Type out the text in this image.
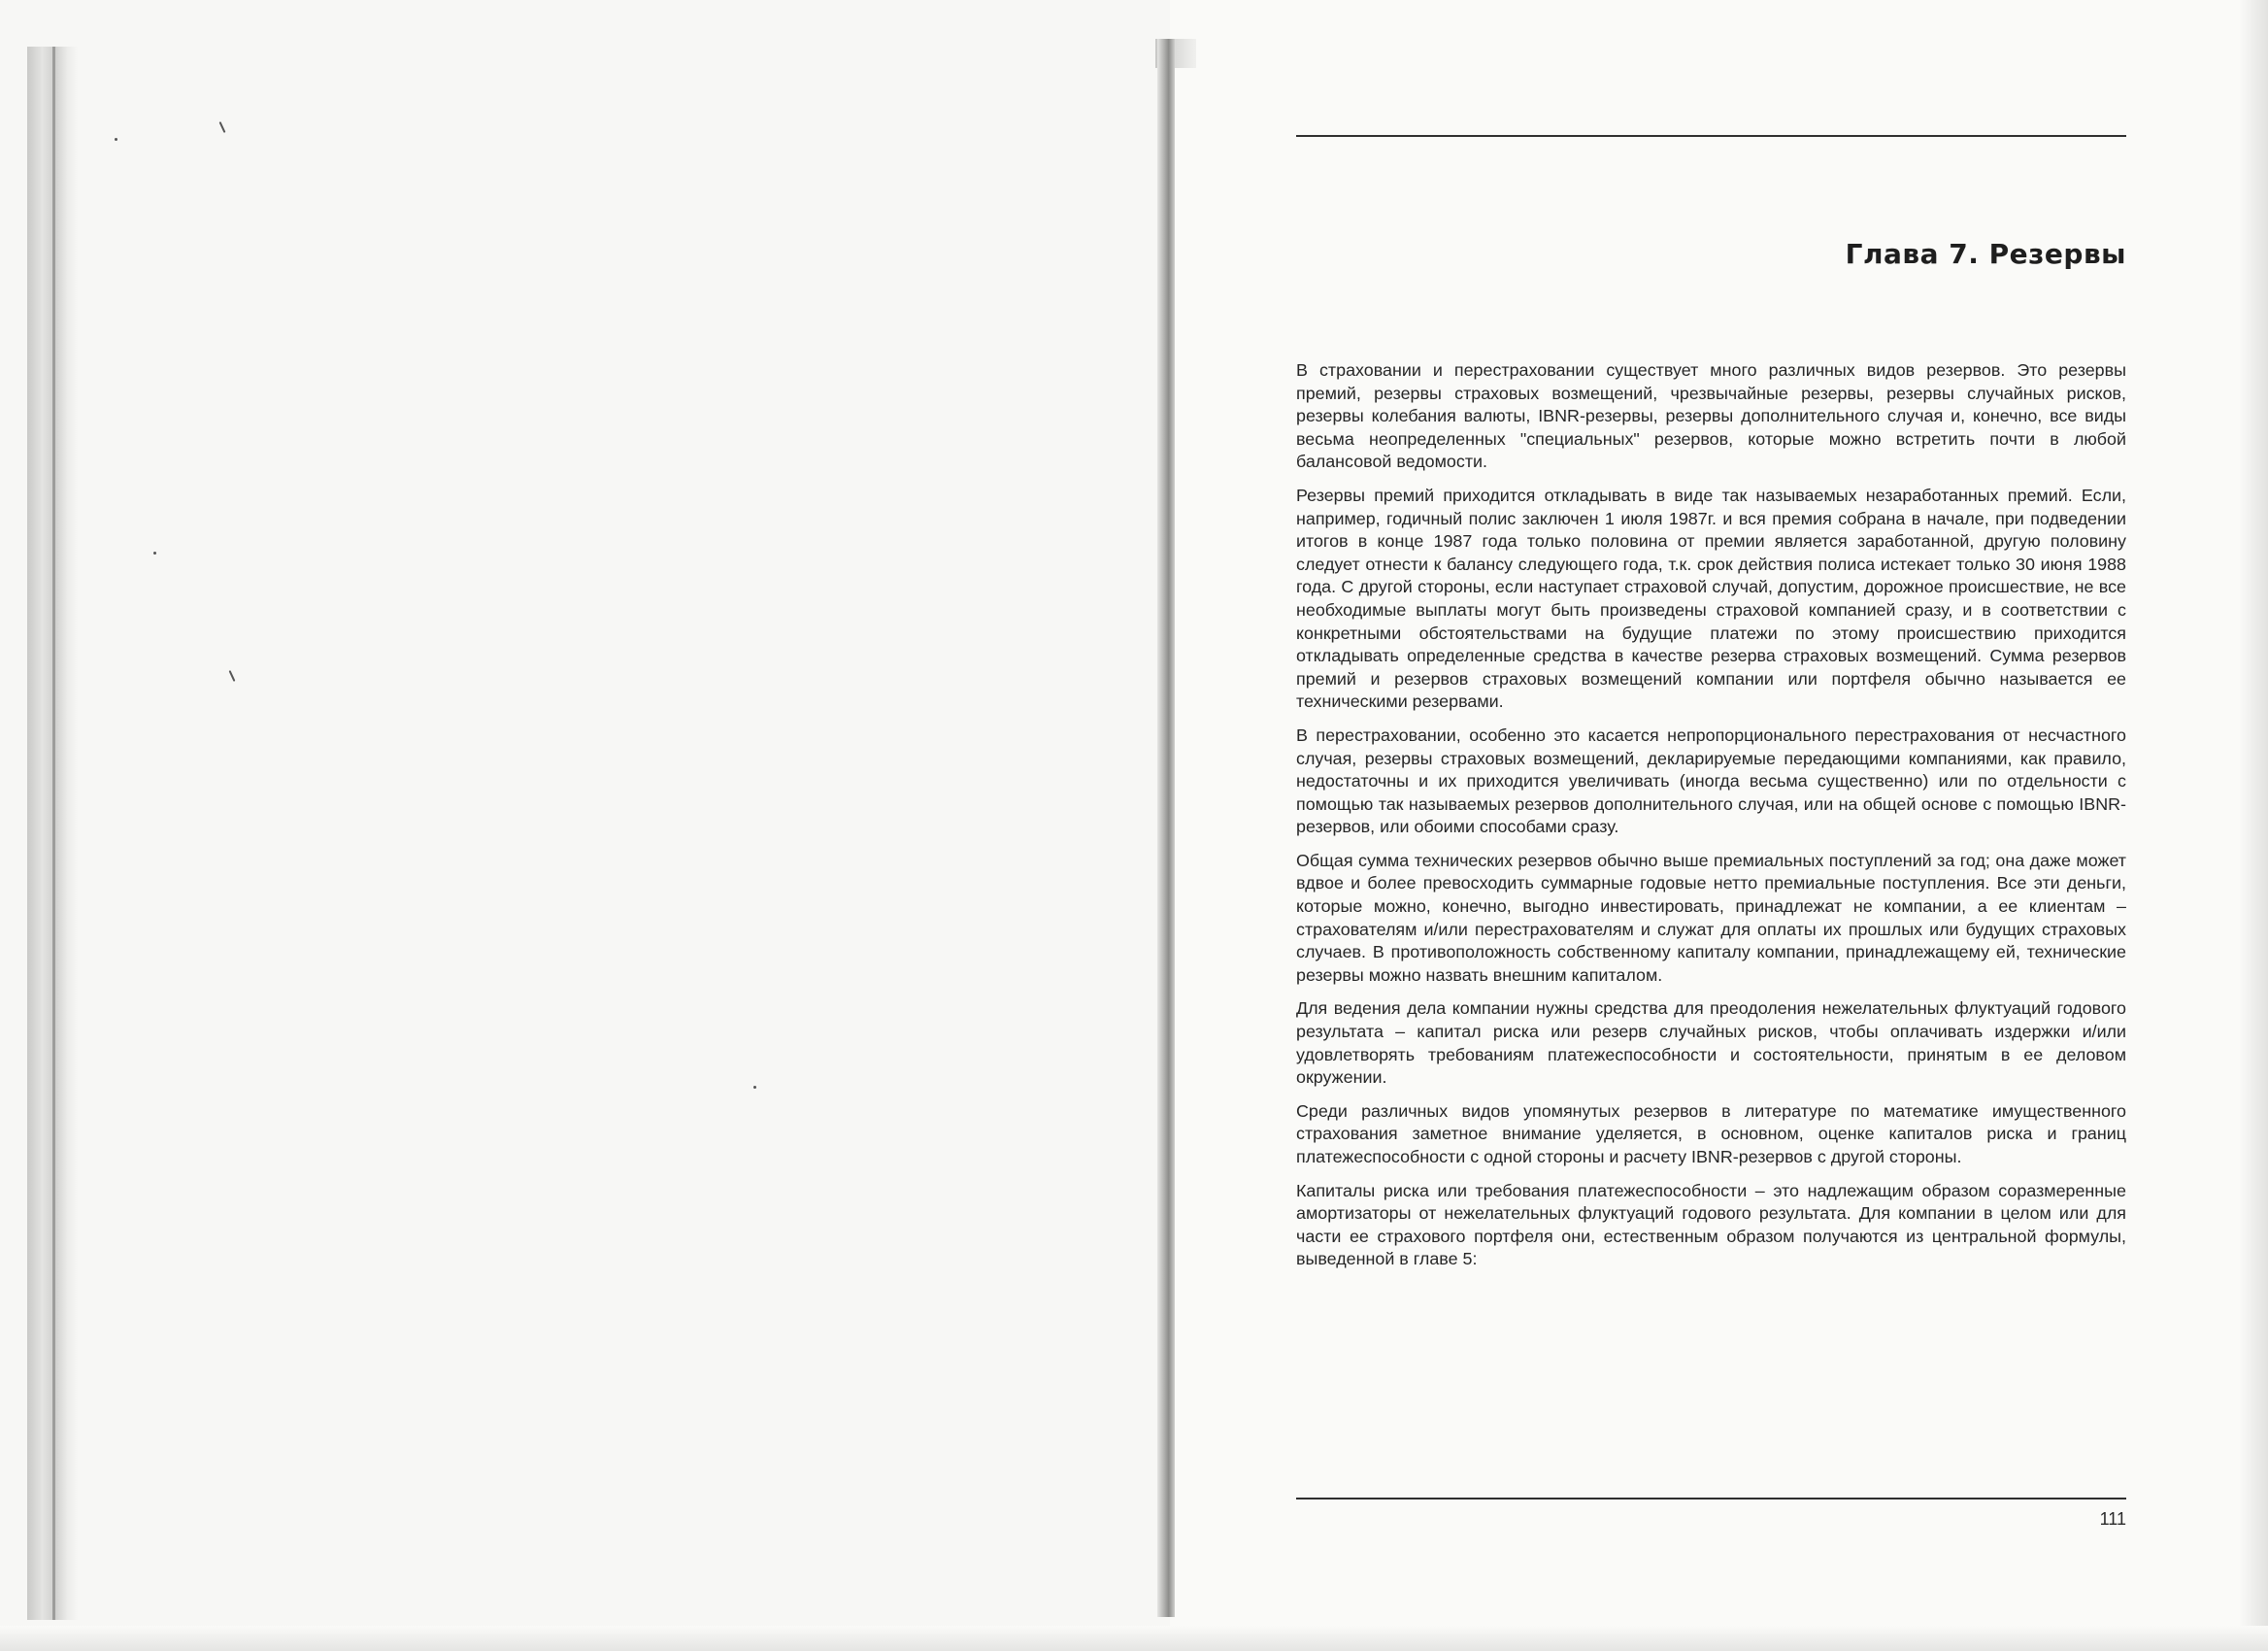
Глава 7. Резервы

В страховании и перестраховании существует много различных видов резервов. Это резервы премий, резервы страховых возмещений, чрезвычайные резервы, резервы случайных рисков, резервы колебания валюты, IBNR-резервы, резервы дополнительного случая и, конечно, все виды весьма неопределенных "специальных" резервов, которые можно встретить почти в любой балансовой ведомости.

Резервы премий приходится откладывать в виде так называемых незаработанных премий. Если, например, годичный полис заключен 1 июля 1987г. и вся премия собрана в начале, при подведении итогов в конце 1987 года только половина от премии является заработанной, другую половину следует отнести к балансу следующего года, т.к. срок действия полиса истекает только 30 июня 1988 года. С другой стороны, если наступает страховой случай, допустим, дорожное происшествие, не все необходимые выплаты могут быть произведены страховой компанией сразу, и в соответствии с конкретными обстоятельствами на будущие платежи по этому происшествию приходится откладывать определенные средства в качестве резерва страховых возмещений. Сумма резервов премий и резервов страховых возмещений компании или портфеля обычно называется ее техническими резервами.

В перестраховании, особенно это касается непропорционального перестрахования от несчастного случая, резервы страховых возмещений, декларируемые передающими компаниями, как правило, недостаточны и их приходится увеличивать (иногда весьма существенно) или по отдельности с помощью так называемых резервов дополнительного случая, или на общей основе с помощью IBNR-резервов, или обоими способами сразу.

Общая сумма технических резервов обычно выше премиальных поступлений за год; она даже может вдвое и более превосходить суммарные годовые нетто премиальные поступления. Все эти деньги, которые можно, конечно, выгодно инвестировать, принадлежат не компании, а ее клиентам – страхователям и/или перестрахователям и служат для оплаты их прошлых или будущих страховых случаев. В противоположность собственному капиталу компании, принадлежащему ей, технические резервы можно назвать внешним капиталом.

Для ведения дела компании нужны средства для преодоления нежелательных флуктуаций годового результата – капитал риска или резерв случайных рисков, чтобы оплачивать издержки и/или удовлетворять требованиям платежеспособности и состоятельности, принятым в ее деловом окружении.

Среди различных видов упомянутых резервов в литературе по математике имущественного страхования заметное внимание уделяется, в основном, оценке капиталов риска и границ платежеспособности с одной стороны и расчету IBNR-резервов с другой стороны.

Капиталы риска или требования платежеспособности – это надлежащим образом соразмеренные амортизаторы от нежелательных флуктуаций годового результата. Для компании в целом или для части ее страхового портфеля они, естественным образом получаются из центральной формулы, выведенной в главе 5:

111
